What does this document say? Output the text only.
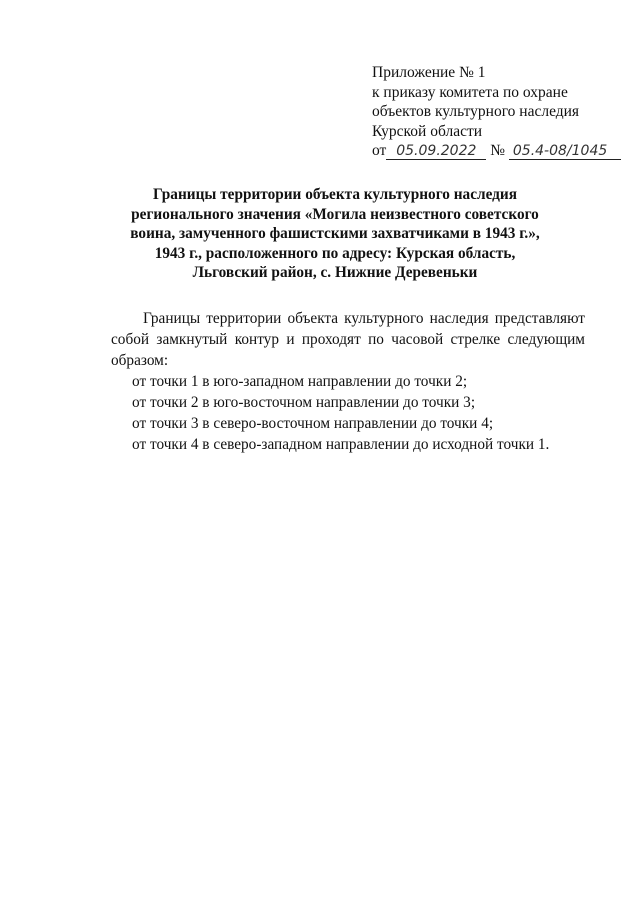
Приложение № 1
к приказу комитета по охране
объектов культурного наследия
Курской области
от 05.09.2022 № 05.4-08/1045
Границы территории объекта культурного наследия
регионального значения «Могила неизвестного советского
воина, замученного фашистскими захватчиками в 1943 г.»,
1943 г., расположенного по адресу: Курская область,
Льговский район, с. Нижние Деревеньки

Границы территории объекта культурного наследия представляют собой замкнутый контур и проходят по часовой стрелке следующим образом:

от точки 1 в юго-западном направлении до точки 2;

от точки 2 в юго-восточном направлении до точки 3;

от точки 3 в северо-восточном направлении до точки 4;

от точки 4 в северо-западном направлении до исходной точки 1.
